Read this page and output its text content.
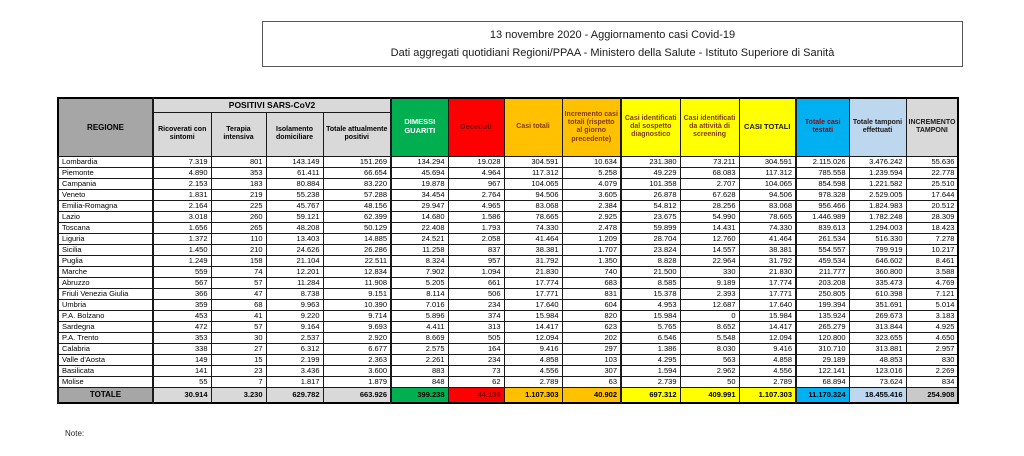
13 novembre 2020 - Aggiornamento casi Covid-19
Dati aggregati quotidiani Regioni/PPAA - Ministero della Salute - Istituto Superiore di Sanità
REGIONE	POSITIVI SARS-CoV2				DIMESSI GUARITI	Deceduti	Casi totali	Incremento casi totali (rispetto al giorno precedente)	Casi identificati dal sospetto diagnostico	Casi identificati da attività di screening	CASI TOTALI	Totale casi testati	Totale tamponi effettuati	INCREMENTO TAMPONI
	Ricoverati con sintomi	Terapia intensiva	Isolamento domiciliare	Totale attualmente positivi										
Lombardia	7.319	801	143.149	151.269	134.294	19.028	304.591	10.634	231.380	73.211	304.591	2.115.026	3.476.242	55.636
Piemonte	4.890	353	61.411	66.654	45.694	4.964	117.312	5.258	49.229	68.083	117.312	785.558	1.239.594	22.778
Campania	2.153	183	80.884	83.220	19.878	967	104.065	4.079	101.358	2.707	104.065	854.598	1.221.582	25.510
Veneto	1.831	219	55.238	57.288	34.454	2.764	94.506	3.605	26.878	67.628	94.506	978.328	2.529.005	17.644
Emilia-Romagna	2.164	225	45.767	48.156	29.947	4.965	83.068	2.384	54.812	28.256	83.068	956.466	1.824.983	20.512
Lazio	3.018	260	59.121	62.399	14.680	1.586	78.665	2.925	23.675	54.990	78.665	1.446.989	1.782.248	28.309
Toscana	1.656	265	48.208	50.129	22.408	1.793	74.330	2.478	59.899	14.431	74.330	839.613	1.294.003	18.423
Liguria	1.372	110	13.403	14.885	24.521	2.058	41.464	1.209	28.704	12.760	41.464	261.534	516.330	7.278
Sicilia	1.450	210	24.626	26.286	11.258	837	38.381	1.707	23.824	14.557	38.381	554.557	799.919	10.217
Puglia	1.249	158	21.104	22.511	8.324	957	31.792	1.350	8.828	22.964	31.792	459.534	646.602	8.461
Marche	559	74	12.201	12.834	7.902	1.094	21.830	740	21.500	330	21.830	211.777	360.800	3.588
Abruzzo	567	57	11.284	11.908	5.205	661	17.774	683	8.585	9.189	17.774	203.208	335.473	4.769
Friuli Venezia Giulia	366	47	8.738	9.151	8.114	506	17.771	831	15.378	2.393	17.771	250.805	610.398	7.121
Umbria	359	68	9.963	10.390	7.016	234	17.640	604	4.953	12.687	17.640	199.394	351.691	5.014
P.A. Bolzano	453	41	9.220	9.714	5.896	374	15.984	820	15.984	0	15.984	135.924	269.673	3.183
Sardegna	472	57	9.164	9.693	4.411	313	14.417	623	5.765	8.652	14.417	265.279	313.844	4.925
P.A. Trento	353	30	2.537	2.920	8.669	505	12.094	202	6.546	5.548	12.094	120.800	323.655	4.650
Calabria	338	27	6.312	6.677	2.575	164	9.416	297	1.386	8.030	9.416	310.710	313.881	2.957
Valle d'Aosta	149	15	2.199	2.363	2.261	234	4.858	103	4.295	563	4.858	29.189	48.853	830
Basilicata	141	23	3.436	3.600	883	73	4.556	307	1.594	2.962	4.556	122.141	123.016	2.269
Molise	55	7	1.817	1.879	848	62	2.789	63	2.739	50	2.789	68.894	73.624	834
TOTALE	30.914	3.230	629.782	663.926	399.238	44.139	1.107.303	40.902	697.312	409.991	1.107.303	11.170.324	18.455.416	254.908
Note:
